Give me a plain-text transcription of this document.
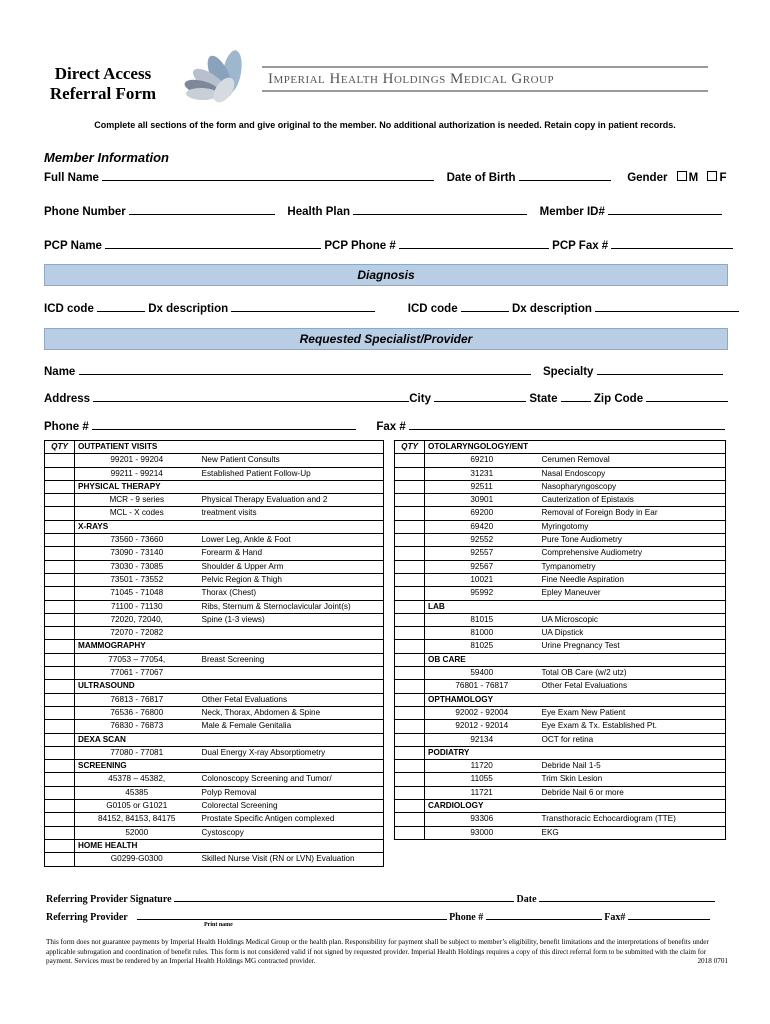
Direct Access
Referral Form
Imperial Health Holdings Medical Group
Complete all sections of the form and give original to the member. No additional authorization is needed. Retain copy in patient records.
Member Information
Full Name	Date of Birth	Gender M F
Phone Number	Health Plan	Member ID#
PCP Name	PCP Phone #	PCP Fax #
Diagnosis
ICD code	Dx description	ICD code	Dx description
Requested Specialist/Provider
Name	Specialty
Address	City	State	Zip Code
Phone #	Fax #
QTY	OUTPATIENT VISITS	
	99201 - 99204	New Patient Consults
	99211 - 99214	Established Patient Follow-Up
	PHYSICAL THERAPY	
	MCR - 9 series	Physical Therapy Evaluation and 2
	MCL - X codes	treatment visits
	X-RAYS	
	73560 - 73660	Lower Leg, Ankle & Foot
	73090 - 73140	Forearm & Hand
	73030 - 73085	Shoulder & Upper Arm
	73501 - 73552	Pelvic Region & Thigh
	71045 - 71048	Thorax (Chest)
	71100 - 71130	Ribs, Sternum & Sternoclavicular Joint(s)
	72020, 72040,	Spine (1-3 views)
	72070 - 72082	
	MAMMOGRAPHY	
	77053 – 77054,	Breast Screening
	77061 - 77067	
	ULTRASOUND	
	76813 - 76817	Other Fetal Evaluations
	76536 - 76800	Neck, Thorax, Abdomen & Spine
	76830 - 76873	Male & Female Genitalia
	DEXA SCAN	
	77080 - 77081	Dual Energy X-ray Absorptiometry
	SCREENING	
	45378 – 45382,	Colonoscopy Screening and Tumor/
	45385	Polyp Removal
	G0105 or G1021	Colorectal Screening
	84152, 84153, 84175	Prostate Specific Antigen complexed
	52000	Cystoscopy
	HOME HEALTH	
	G0299-G0300	Skilled Nurse Visit (RN or LVN) Evaluation
QTY	OTOLARYNGOLOGY/ENT	
	69210	Cerumen Removal
	31231	Nasal Endoscopy
	92511	Nasopharyngoscopy
	30901	Cauterization of Epistaxis
	69200	Removal of Foreign Body in Ear
	69420	Myringotomy
	92552	Pure Tone Audiometry
	92557	Comprehensive Audiometry
	92567	Tympanometry
	10021	Fine Needle Aspiration
	95992	Epley Maneuver
	LAB	
	81015	UA Microscopic
	81000	UA Dipstick
	81025	Urine Pregnancy Test
	OB CARE	
	59400	Total OB Care (w/2 utz)
	76801 - 76817	Other Fetal Evaluations
	OPTHAMOLOGY	
	92002 - 92004	Eye Exam New Patient
	92012 - 92014	Eye Exam & Tx. Established Pt.
	92134	OCT for retina
	PODIATRY	
	11720	Debride Nail 1-5
	11055	Trim Skin Lesion
	11721	Debride Nail 6 or more
	CARDIOLOGY	
	93306	Transthoracic Echocardiogram (TTE)
	93000	EKG
Referring Provider Signature	Date
Referring Provider	Phone #	Fax#
Print name
This form does not guarantee payments by Imperial Health Holdings Medical Group or the health plan. Responsibility for payment shall be subject to member’s eligibility, benefit limitations and the interpretations of benefits under applicable subrogation and coordination of benefit rules. This form is not considered valid if not signed by requested provider. Imperial Health Holdings requires a copy of this direct referral form to be submitted with the claim for payment. Services must be rendered by an Imperial Health Holdings MG contracted provider.	2018 0701
